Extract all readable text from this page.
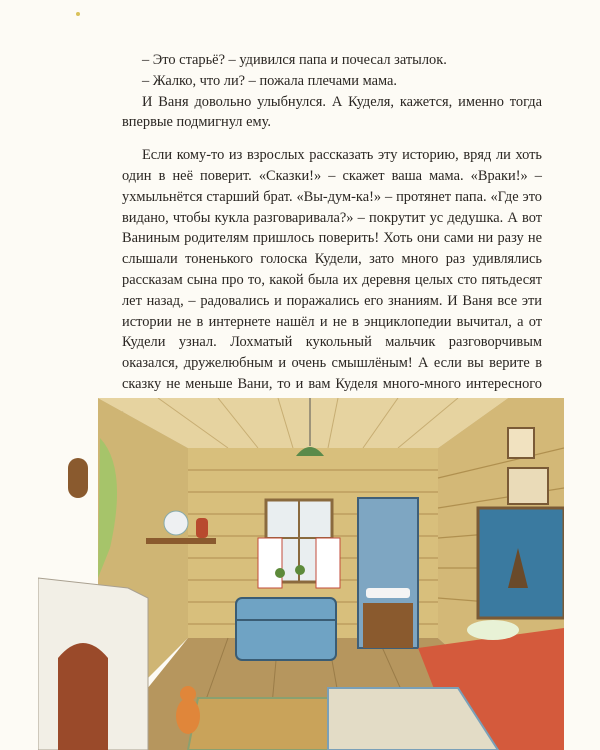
– Это старьё? – удивился папа и почесал затылок.

– Жалко, что ли? – пожала плечами мама.

И Ваня довольно улыбнулся. А Куделя, кажется, именно тогда впервые подмигнул ему.

Если кому-то из взрослых рассказать эту историю, вряд ли хоть один в неё поверит. «Сказки!» – скажет ваша мама. «Враки!» – ухмыльнётся старший брат. «Вы-дум-ка!» – протянет папа. «Где это видано, чтобы кукла разговаривала?» – покрутит ус дедушка. А вот Ваниным родителям пришлось поверить! Хоть они сами ни разу не слышали тоненького голоска Кудели, зато много раз удивлялись рассказам сына про то, какой была их деревня целых сто пятьдесят лет назад, – радовались и поражались его знаниям. И Ваня все эти истории не в интернете нашёл и не в энциклопедии вычитал, а от Кудели узнал. Лохматый кукольный мальчик разговорчивым оказался, дружелюбным и очень смышлёным! А если вы верите в сказку не меньше Вани, то и вам Куделя много-много интересного
